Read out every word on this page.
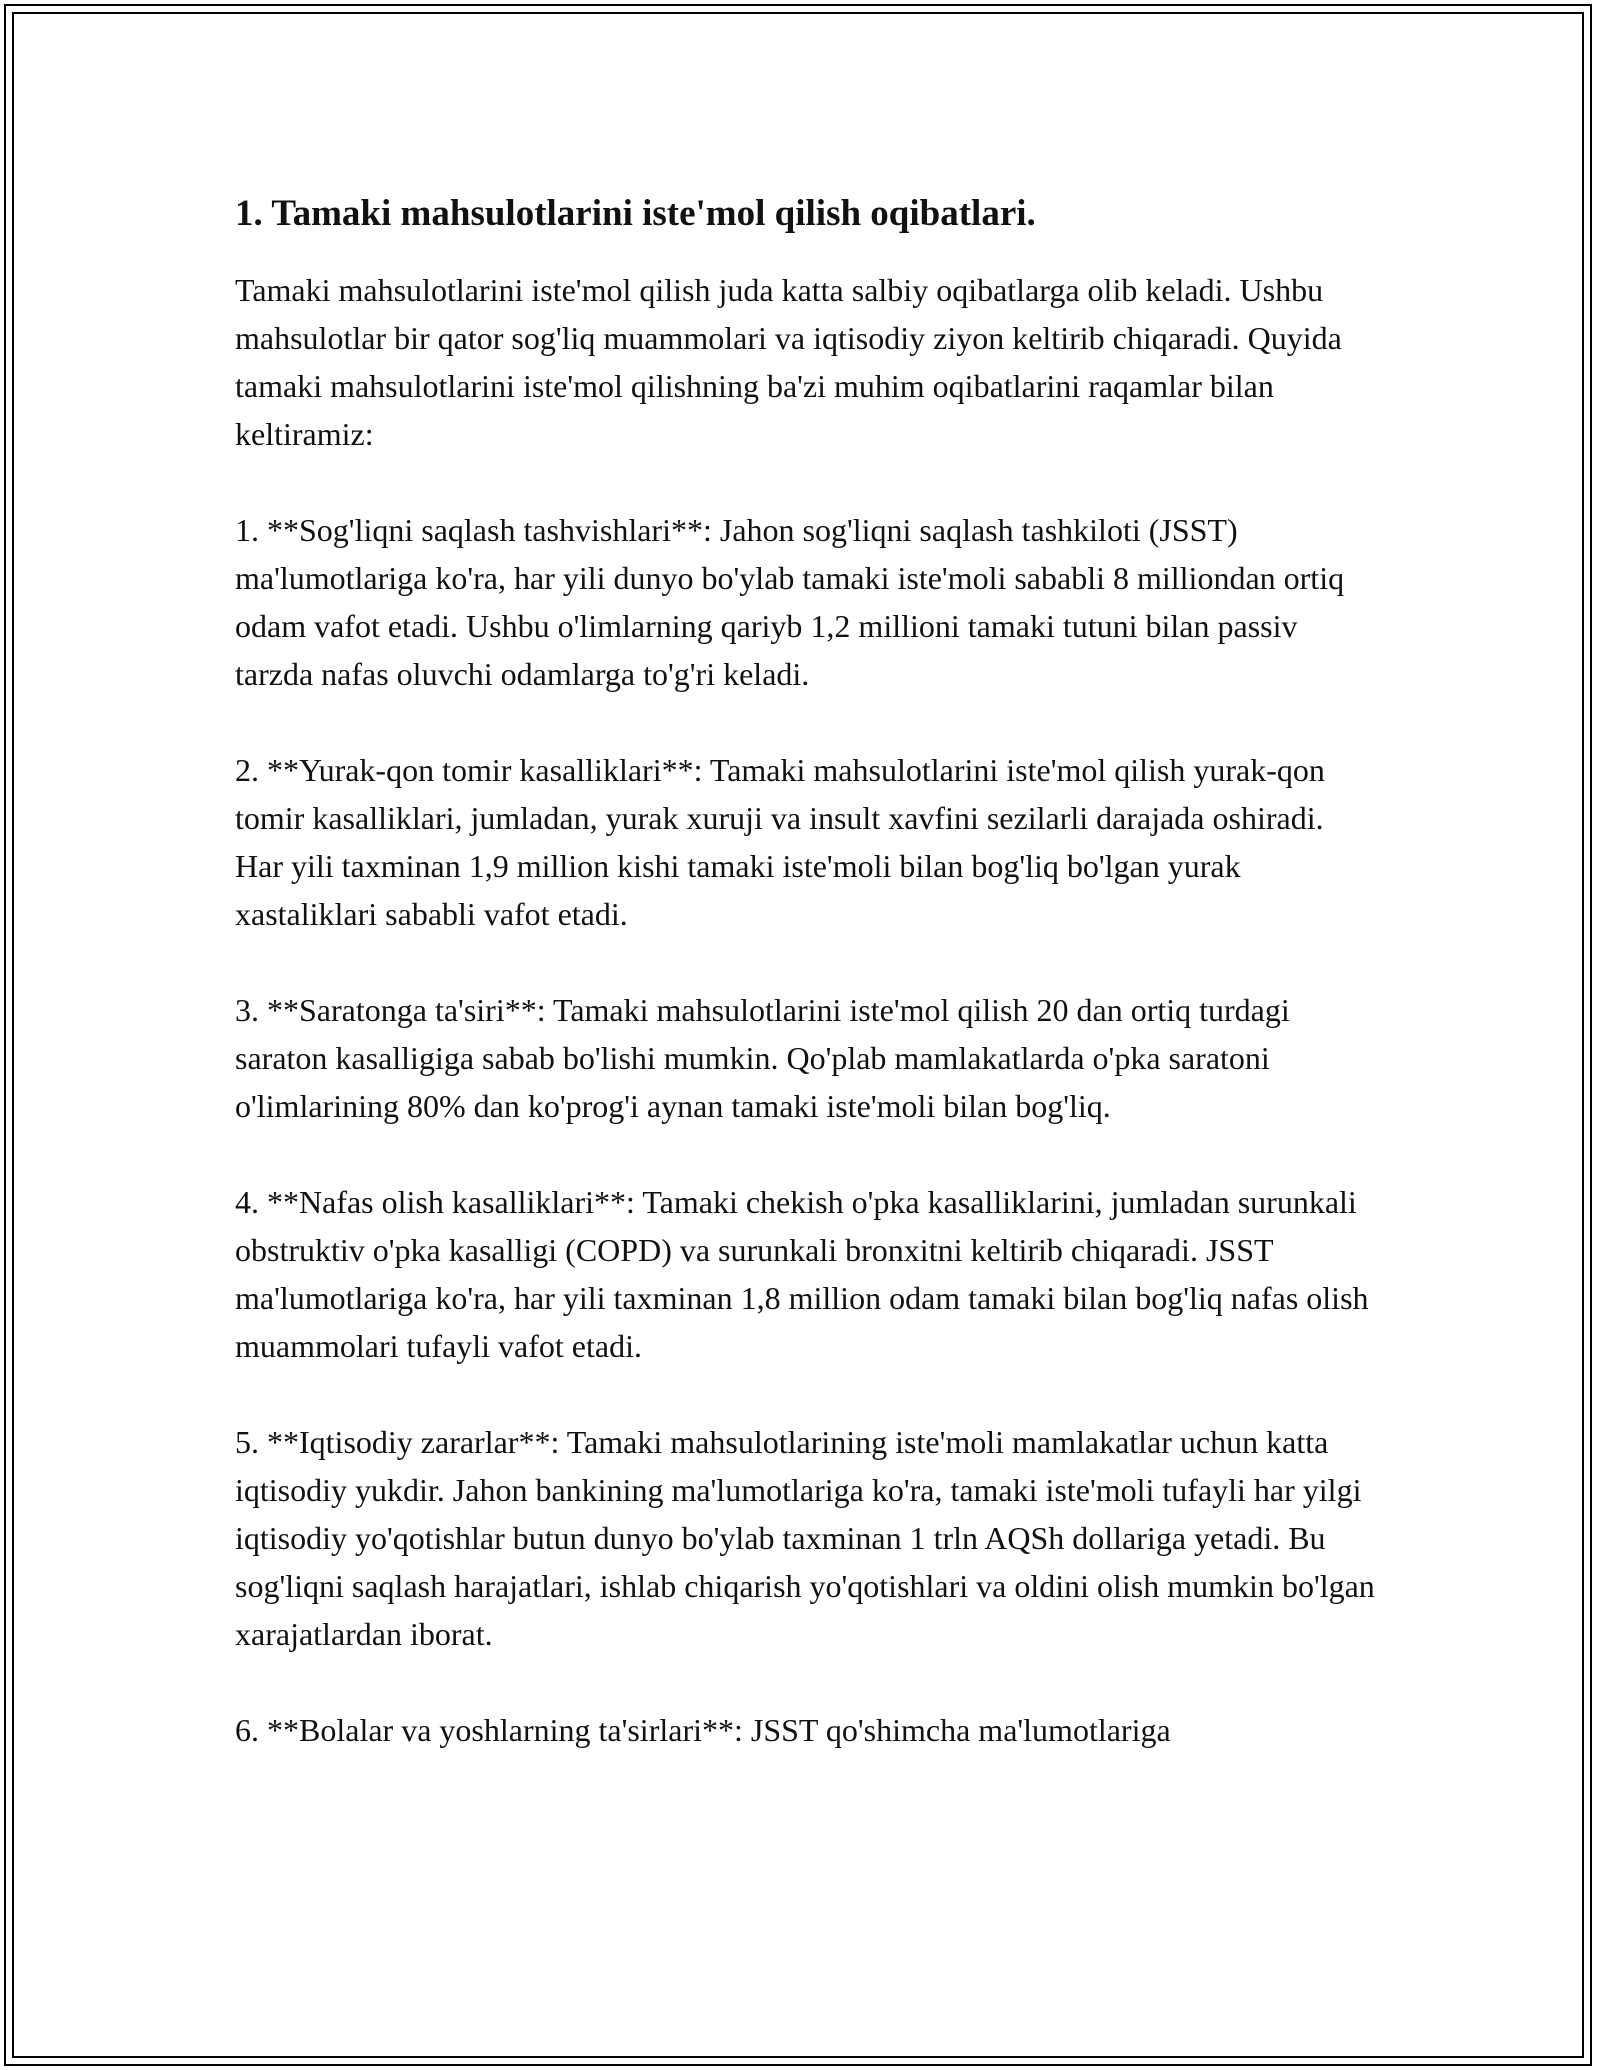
1. Tamaki mahsulotlarini iste'mol qilish oqibatlari.

Tamaki mahsulotlarini iste'mol qilish juda katta salbiy oqibatlarga olib keladi. Ushbu mahsulotlar bir qator sog'liq muammolari va iqtisodiy ziyon keltirib chiqaradi. Quyida tamaki mahsulotlarini iste'mol qilishning ba'zi muhim oqibatlarini raqamlar bilan keltiramiz:

1. **Sog'liqni saqlash tashvishlari**: Jahon sog'liqni saqlash tashkiloti (JSST) ma'lumotlariga ko'ra, har yili dunyo bo'ylab tamaki iste'moli sababli 8 milliondan ortiq odam vafot etadi. Ushbu o'limlarning qariyb 1,2 millioni tamaki tutuni bilan passiv tarzda nafas oluvchi odamlarga to'g'ri keladi.

2. **Yurak-qon tomir kasalliklari**: Tamaki mahsulotlarini iste'mol qilish yurak-qon tomir kasalliklari, jumladan, yurak xuruji va insult xavfini sezilarli darajada oshiradi. Har yili taxminan 1,9 million kishi tamaki iste'moli bilan bog'liq bo'lgan yurak xastaliklari sababli vafot etadi.

3. **Saratonga ta'siri**: Tamaki mahsulotlarini iste'mol qilish 20 dan ortiq turdagi saraton kasalligiga sabab bo'lishi mumkin. Qo'plab mamlakatlarda o'pka saratoni o'limlarining 80% dan ko'prog'i aynan tamaki iste'moli bilan bog'liq.

4. **Nafas olish kasalliklari**: Tamaki chekish o'pka kasalliklarini, jumladan surunkali obstruktiv o'pka kasalligi (COPD) va surunkali bronxitni keltirib chiqaradi. JSST ma'lumotlariga ko'ra, har yili taxminan 1,8 million odam tamaki bilan bog'liq nafas olish muammolari tufayli vafot etadi.

5. **Iqtisodiy zararlar**: Tamaki mahsulotlarining iste'moli mamlakatlar uchun katta iqtisodiy yukdir. Jahon bankining ma'lumotlariga ko'ra, tamaki iste'moli tufayli har yilgi iqtisodiy yo'qotishlar butun dunyo bo'ylab taxminan 1 trln AQSh dollariga yetadi. Bu sog'liqni saqlash harajatlari, ishlab chiqarish yo'qotishlari va oldini olish mumkin bo'lgan xarajatlardan iborat.

6. **Bolalar va yoshlarning ta'sirlari**: JSST qo'shimcha ma'lumotlariga
